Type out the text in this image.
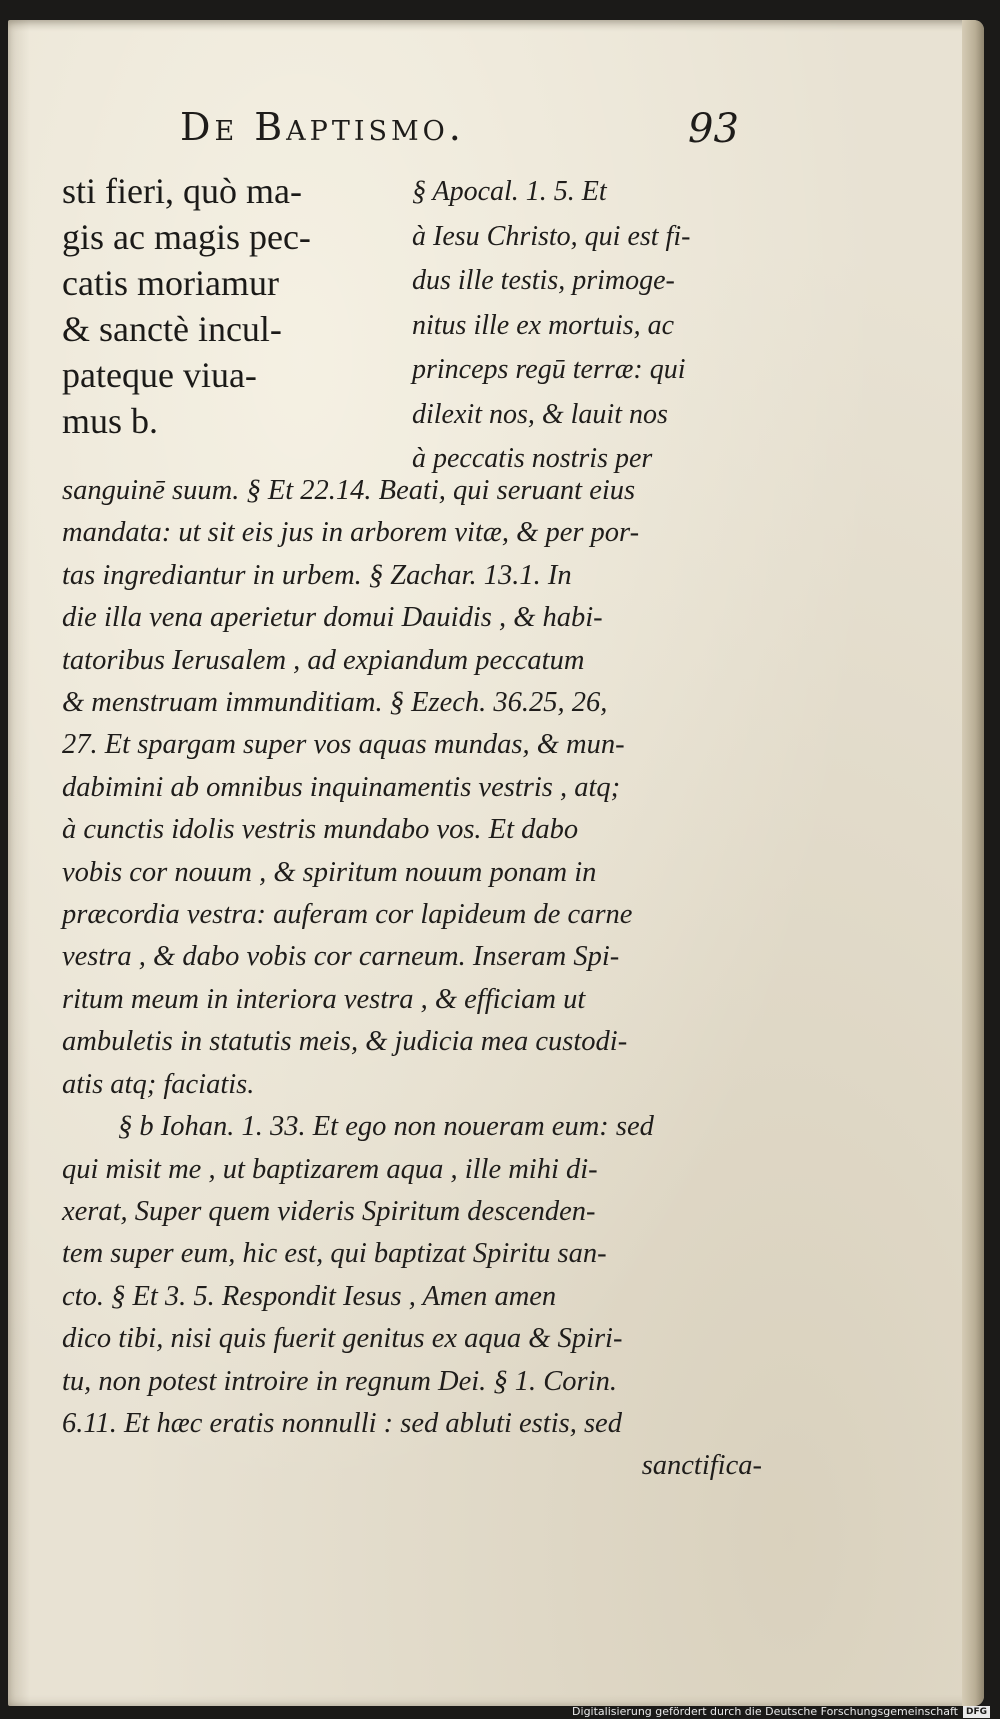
De Baptismo.	93
sti fieri, quò ma-
gis ac magis pec-
catis moriamur
& sanctè incul-
pateque viua-
mus b.
§ Apocal. 1. 5. Et
à Iesu Christo, qui est fi-
dus ille testis, primoge-
nitus ille ex mortuis, ac
princeps regū terræ: qui
dilexit nos, & lauit nos
à peccatis nostris per
sanguinē suum. § Et 22.14. Beati, qui seruant eius
mandata: ut sit eis jus in arborem vitæ, & per por-
tas ingrediantur in urbem. § Zachar. 13.1. In
die illa vena aperietur domui Dauidis , & habi-
tatoribus Ierusalem , ad expiandum peccatum
& menstruam immunditiam. § Ezech. 36.25, 26,
27. Et spargam super vos aquas mundas, & mun-
dabimini ab omnibus inquinamentis vestris , atq;
à cunctis idolis vestris mundabo vos. Et dabo
vobis cor nouum , & spiritum nouum ponam in
præcordia vestra: auferam cor lapideum de carne
vestra , & dabo vobis cor carneum. Inseram Spi-
ritum meum in interiora vestra , & efficiam ut
ambuletis in statutis meis, & judicia mea custodi-
atis atq; faciatis.
§ b Iohan. 1. 33. Et ego non noueram eum: sed
qui misit me , ut baptizarem aqua , ille mihi di-
xerat, Super quem videris Spiritum descenden-
tem super eum, hic est, qui baptizat Spiritu san-
cto. § Et 3. 5. Respondit Iesus , Amen amen
dico tibi, nisi quis fuerit genitus ex aqua & Spiri-
tu, non potest introire in regnum Dei. § 1. Corin.
6.11. Et hæc eratis nonnulli : sed abluti estis, sed
sanctifica-
Digitalisierung gefördert durch die Deutsche Forschungsgemeinschaft DFG
